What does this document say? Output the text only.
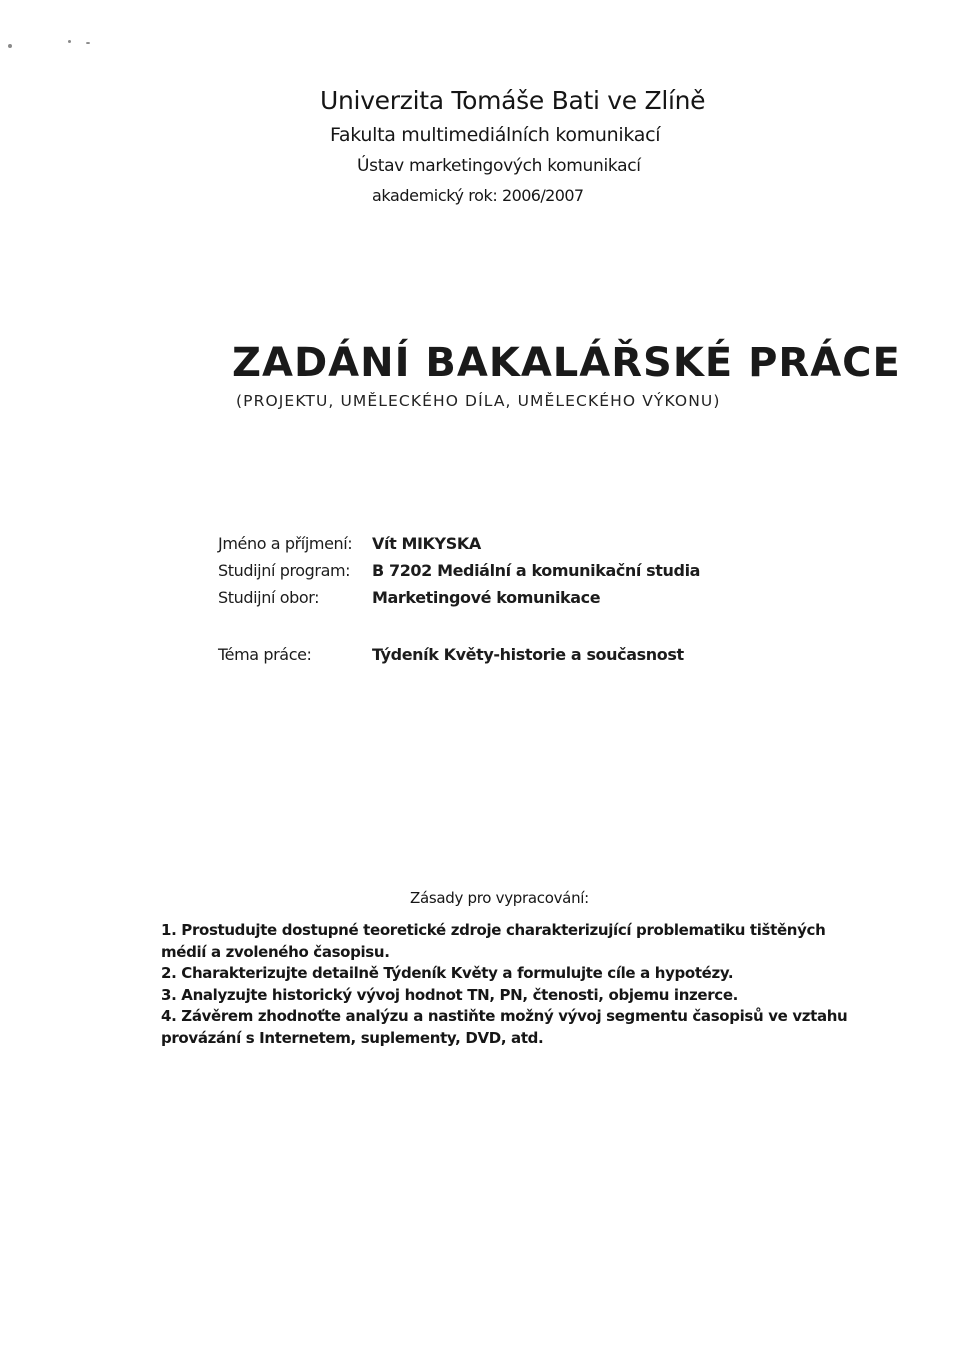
Univerzita Tomáše Bati ve Zlíně
Fakulta multimediálních komunikací
Ústav marketingových komunikací
akademický rok: 2006/2007
ZADÁNÍ BAKALÁŘSKÉ PRÁCE
(PROJEKTU, UMĚLECKÉHO DÍLA, UMĚLECKÉHO VÝKONU)
Jméno a příjmení: Vít MIKYSKA
Studijní program: B 7202 Mediální a komunikační studia
Studijní obor:	Marketingové komunikace
Téma práce:	Týdeník Květy-historie a současnost
Zásady pro vypracování:
1. Prostudujte dostupné teoretické zdroje charakterizující problematiku tištěných médií a zvoleného časopisu.
2. Charakterizujte detailně Týdeník Květy a formulujte cíle a hypotézy.
3. Analyzujte historický vývoj hodnot TN, PN, čtenosti, objemu inzerce.
4. Závěrem zhodnoťte analýzu a nastiňte možný vývoj segmentu časopisů ve vztahu provázání s Internetem, suplementy, DVD, atd.
